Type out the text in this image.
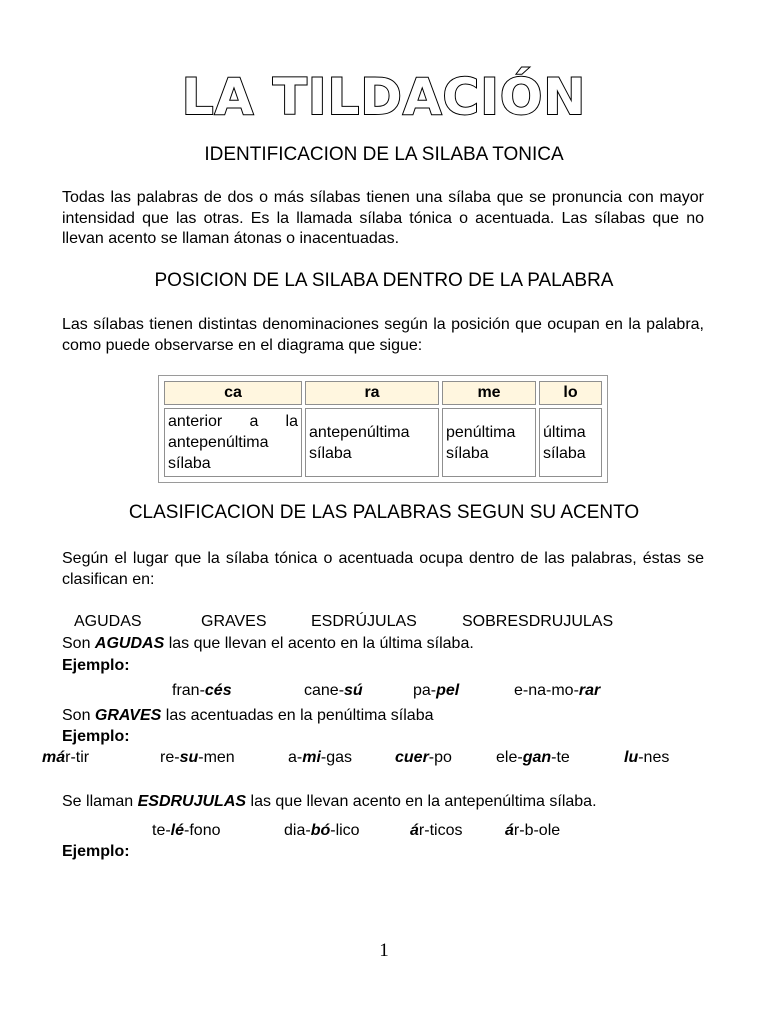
LA TILDACIÓN
IDENTIFICACION DE LA SILABA TONICA
Todas las palabras de dos o más sílabas tienen una sílaba que se pronuncia con mayor intensidad que las otras. Es la llamada sílaba tónica o acentuada. Las sílabas que no llevan acento se llaman átonas o inacentuadas.
POSICION DE LA SILABA DENTRO DE LA PALABRA
Las sílabas tienen distintas denominaciones según la posición que ocupan en la palabra, como puede observarse en el diagrama que sigue:
ca	ra	me	lo
anterior a la antepenúltima sílaba	antepenúltima sílaba	penúltima sílaba	última sílaba
CLASIFICACION DE LAS PALABRAS SEGUN SU ACENTO
Según el lugar que la sílaba tónica o acentuada ocupa dentro de las palabras, éstas se clasifican en:
AGUDAS	GRAVES	ESDRÚJULAS	SOBRESDRUJULAS
Son AGUDAS las que llevan el acento en la última sílaba.
Ejemplo:
fran-cés	cane-sú	pa-pel	e-na-mo-rar
Son GRAVES las acentuadas en la penúltima sílaba
Ejemplo:
már-tir	re-su-men	a-mi-gas	cuer-po	ele-gan-te	lu-nes
Se llaman ESDRUJULAS las que llevan acento en la antepenúltima sílaba.
te-lé-fono	dia-bó-lico	ár-ticos	ár-b-ole
Ejemplo:
1
